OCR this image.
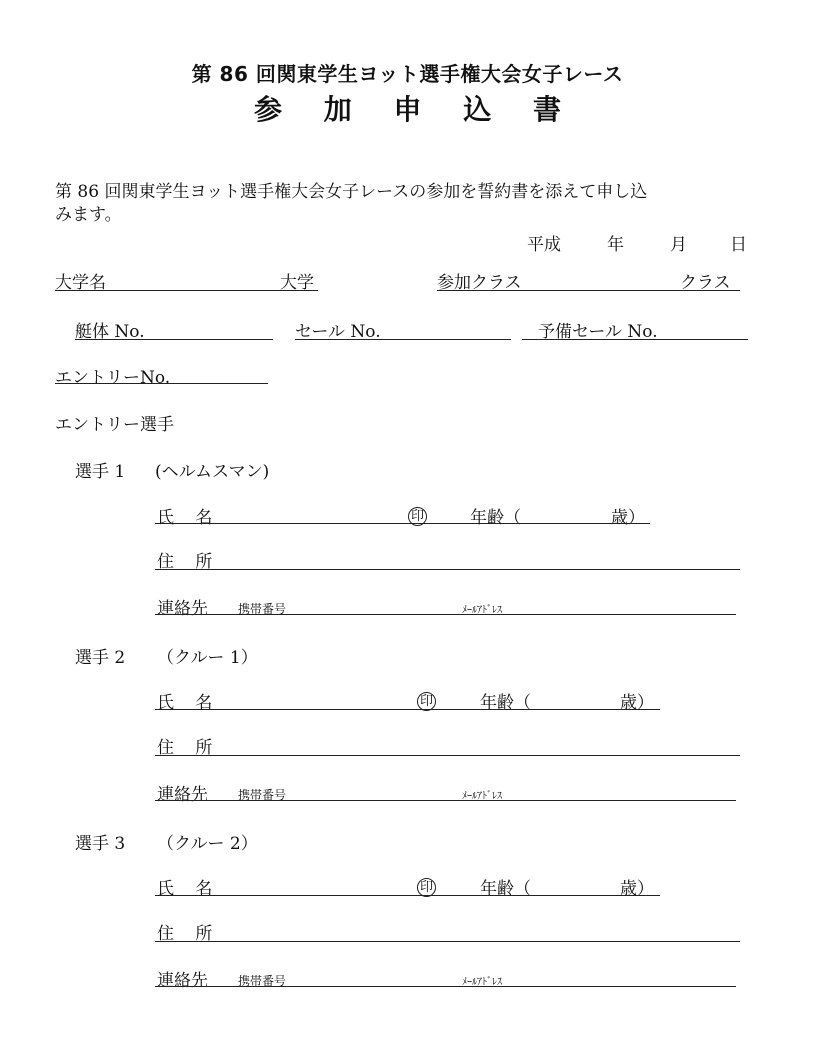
第 86 回関東学生ヨット選手権大会女子レース
参 加 申 込 書
第 86 回関東学生ヨット選手権大会女子レースの参加を誓約書を添えて申し込
みます。
平成	年	月	日
大学名	大学	参加クラス	クラス
艇体 No.	セール No.	予備セール No.
エントリーNo.
エントリー選手
選手 1 (ヘルムスマン)
氏 名	印	年齢（	歳）
住 所
連絡先	携帯番号	ﾒｰﾙｱﾄﾞﾚｽ
選手 2 （クルー 1）
氏 名	印	年齢（	歳）
住 所
連絡先	携帯番号	ﾒｰﾙｱﾄﾞﾚｽ
選手 3 （クルー 2）
氏 名	印	年齢（	歳）
住 所
連絡先	携帯番号	ﾒｰﾙｱﾄﾞﾚｽ
